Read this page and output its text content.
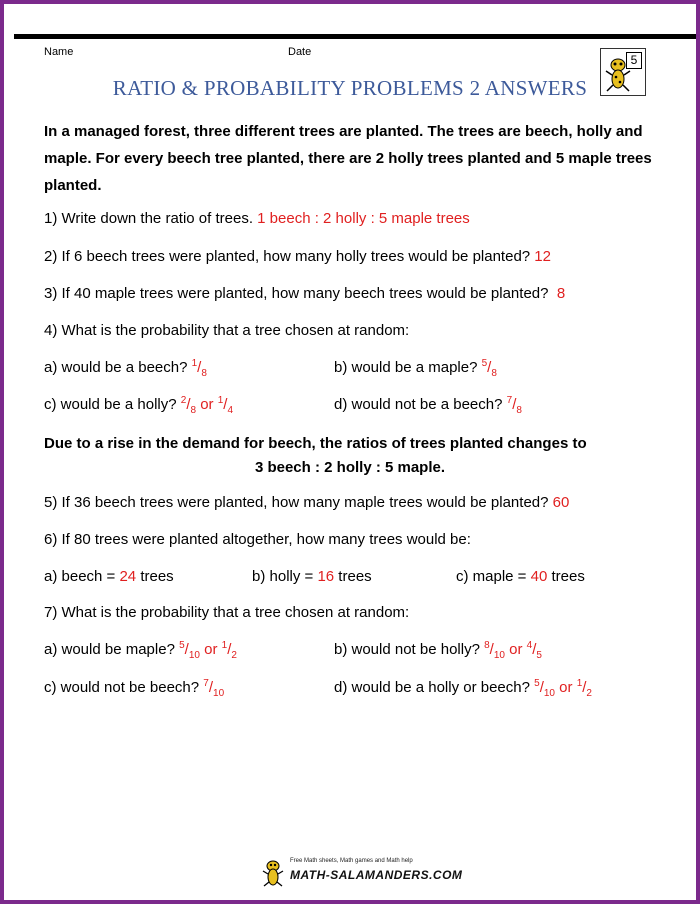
Name	Date
5
RATIO & PROBABILITY PROBLEMS 2 ANSWERS
In a managed forest, three different trees are planted. The trees are beech, holly and maple. For every beech tree planted, there are 2 holly trees planted and 5 maple trees planted.
1) Write down the ratio of trees. 1 beech : 2 holly : 5 maple trees
2) If 6 beech trees were planted, how many holly trees would be planted? 12
3) If 40 maple trees were planted, how many beech trees would be planted? 8
4) What is the probability that a tree chosen at random:
a) would be a beech? $^1/_8$	b) would be a maple? $^5/_8$
c) would be a holly? $^2/_8$ or $^1/_4$	d) would not be a beech? $^7/_8$
Due to a rise in the demand for beech, the ratios of trees planted changes to
3 beech : 2 holly : 5 maple.
5) If 36 beech trees were planted, how many maple trees would be planted? 60
6) If 80 trees were planted altogether, how many trees would be:
a) beech = 24 trees	b) holly = 16 trees	c) maple = 40 trees
7) What is the probability that a tree chosen at random:
a) would be maple? $^5/_{10}$ or $^1/_2$	b) would not be holly? $^8/_{10}$ or $^4/_5$
c) would not be beech? $^7/_{10}$	d) would be a holly or beech? $^5/_{10}$ or $^1/_2$
Free Math sheets, Math games and Math help
MATH-SALAMANDERS.COM
